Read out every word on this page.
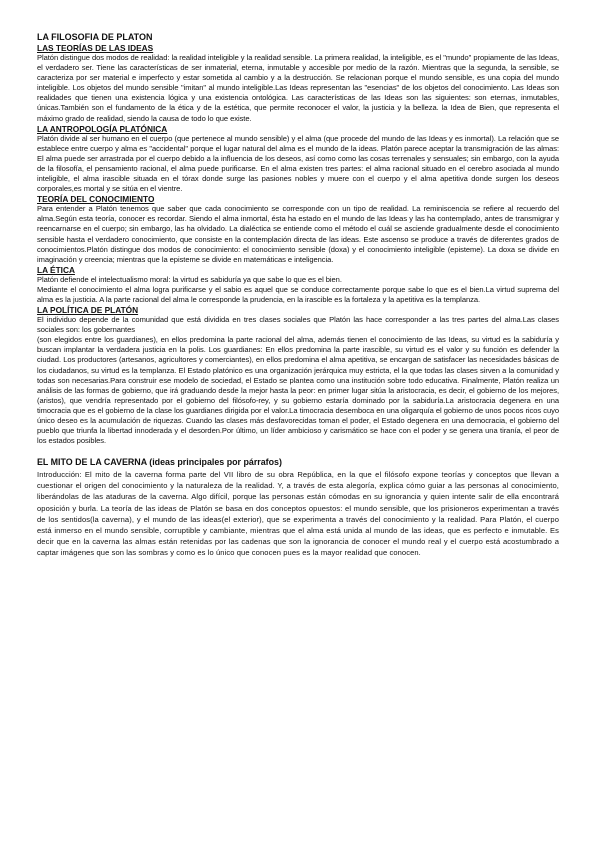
LA FILOSOFIA DE PLATON
LAS TEORÍAS DE LAS IDEAS

Platón distingue dos modos de realidad: la realidad inteligible y la realidad sensible. La primera realidad, la inteligible, es el "mundo" propiamente de las Ideas, el verdadero ser. Tiene las características de ser inmaterial, eterna, inmutable y accesible por medio de la razón. Mientras que la segunda, la sensible, se caracteriza por ser material e imperfecto y estar sometida al cambio y a la destrucción. Se relacionan porque el mundo sensible, es una copia del mundo inteligible. Los objetos del mundo sensible "imitan" al mundo inteligible.Las Ideas representan las "esencias" de los objetos del conocimiento. Las Ideas son realidades que tienen una existencia lógica y una existencia ontológica. Las características de las Ideas son las siguientes: son eternas, inmutables, únicas.También son el fundamento de la ética y de la estética, que permite reconocer el valor, la justicia y la belleza. la Idea de Bien, que representa el máximo grado de realidad, siendo la causa de todo lo que existe.

LA ANTROPOLOGÍA PLATÓNICA

Platón divide al ser humano en el cuerpo (que pertenece al mundo sensible) y el alma (que procede del mundo de las Ideas y es inmortal). La relación que se establece entre cuerpo y alma es "accidental" porque el lugar natural del alma es el mundo de la ideas. Platón parece aceptar la transmigración de las almas: El alma puede ser arrastrada por el cuerpo debido a la influencia de los deseos, así como como las cosas terrenales y sensuales; sin embargo, con la ayuda de la filosofía, el pensamiento racional, el alma puede purificarse. En el alma existen tres partes: el alma racional situado en el cerebro asociada al mundo inteligible, el alma irascible situada en el tórax donde surge las pasiones nobles y muere con el cuerpo y el alma apetitiva donde surgen los deseos corporales,es mortal y se sitúa en el vientre.

TEORÍA DEL CONOCIMIENTO

Para entender a Platón tenemos que saber que cada conocimiento se corresponde con un tipo de realidad. La reminiscencia se refiere al recuerdo del alma.Según esta teoría, conocer es recordar. Siendo el alma inmortal, ésta ha estado en el mundo de las Ideas y las ha contemplado, antes de transmigrar y reencarnarse en el cuerpo; sin embargo, las ha olvidado. La dialéctica se entiende como el método el cuál se asciende gradualmente desde el conocimiento sensible hasta el verdadero conocimiento, que consiste en la contemplación directa de las ideas. Este ascenso se produce a través de diferentes grados de conocimientos.Platón distingue dos modos de conocimiento: el conocimiento sensible (doxa) y el conocimiento inteligible (episteme). La doxa se divide en imaginación y creencia; mientras que la episteme se divide en matemáticas e inteligencia.

LA ÉTICA

Platón defiende el intelectualismo moral: la virtud es sabiduría ya que sabe lo que es el bien.

Mediante el conocimiento el alma logra purificarse y el sabio es aquel que se conduce correctamente porque sabe lo que es el bien.La virtud suprema del alma es la justicia. A la parte racional del alma le corresponde la prudencia, en la irascible es la fortaleza y la apetitiva es la templanza.

LA POLÍTICA DE PLATÓN

El individuo depende de la comunidad que está dividida en tres clases sociales que Platón las hace corresponder a las tres partes del alma.Las clases sociales son: los gobernantes

(son elegidos entre los guardianes), en ellos predomina la parte racional del alma, además tienen el conocimiento de las Ideas, su virtud es la sabiduría y buscan implantar la verdadera justicia en la polis. Los guardianes: En ellos predomina la parte irascible, su virtud es el valor y su función es defender la ciudad. Los productores (artesanos, agricultores y comerciantes), en ellos predomina el alma apetitiva, se encargan de satisfacer las necesidades básicas de los ciudadanos, su virtud es la templanza. El Estado platónico es una organización jerárquica muy estricta, el la que todas las clases sirven a la comunidad y todas son necesarias.Para construir ese modelo de sociedad, el Estado se plantea como una institución sobre todo educativa. Finalmente, Platón realiza un análisis de las formas de gobierno, que irá graduando desde la mejor hasta la peor: en primer lugar sitúa la aristocracia, es decir, el gobierno de los mejores, (aristos), que vendría representado por el gobierno del filósofo-rey, y su gobierno estaría dominado por la sabiduría.La aristocracia degenera en una timocracia que es el gobierno de la clase los guardianes dirigida por el valor.La timocracia desemboca en una oligarquía el gobierno de unos pocos ricos cuyo único deseo es la acumulación de riquezas. Cuando las clases más desfavorecidas toman el poder, el Estado degenera en una democracia, el gobierno del pueblo que triunfa la libertad innoderada y el desorden.Por último, un líder ambicioso y carismático se hace con el poder y se genera una tiranía, el peor de los estados posibles.

EL MITO DE LA CAVERNA (ideas principales por párrafos)

Introducción: El mito de la caverna forma parte del VII libro de su obra República, en la que el filósofo expone teorías y conceptos que llevan a cuestionar el origen del conocimiento y la naturaleza de la realidad. Y, a través de esta alegoría, explica cómo guiar a las personas al conocimiento, liberándolas de las ataduras de la caverna. Algo difícil, porque las personas están cómodas en su ignorancia y quien intente salir de ella encontrará oposición y burla. La teoría de las ideas de Platón se basa en dos conceptos opuestos: el mundo sensible, que los prisioneros experimentan a través de los sentidos(la caverna), y el mundo de las ideas(el exterior), que se experimenta a través del conocimiento y la realidad. Para Platón, el cuerpo está inmerso en el mundo sensible, corruptible y cambiante, mientras que el alma está unida al mundo de las ideas, que es perfecto e inmutable. Es decir que en la caverna las almas están retenidas por las cadenas que son la ignorancia de conocer el mundo real y el cuerpo está acostumbrado a captar imágenes que son las sombras y como es lo único que conocen pues es la mayor realidad que conocen.
